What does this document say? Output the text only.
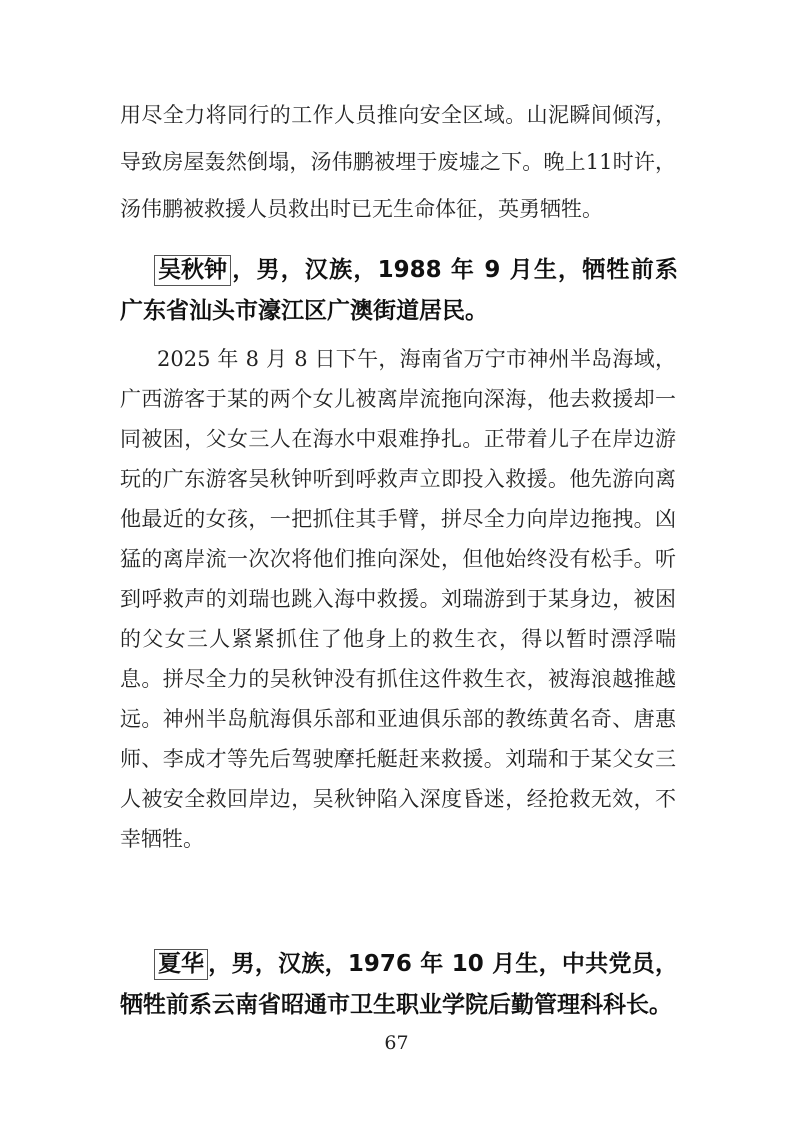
用尽全力将同行的工作人员推向安全区域。山泥瞬间倾泻，导致房屋轰然倒塌，汤伟鹏被埋于废墟之下。晚上11时许，汤伟鹏被救援人员救出时已无生命体征，英勇牺牲。

吴秋钟 ，男，汉族，1988 年 9 月生，牺牲前系广东省汕头市濠江区广澳街道居民。

2025 年 8 月 8 日下午，海南省万宁市神州半岛海域，广西游客于某的两个女儿被离岸流拖向深海，他去救援却一同被困，父女三人在海水中艰难挣扎。正带着儿子在岸边游玩的广东游客吴秋钟听到呼救声立即投入救援。他先游向离他最近的女孩，一把抓住其手臂，拼尽全力向岸边拖拽。凶猛的离岸流一次次将他们推向深处，但他始终没有松手。听到呼救声的刘瑞也跳入海中救援。刘瑞游到于某身边，被困的父女三人紧紧抓住了他身上的救生衣，得以暂时漂浮喘息。拼尽全力的吴秋钟没有抓住这件救生衣，被海浪越推越远。神州半岛航海俱乐部和亚迪俱乐部的教练黄名奇、唐惠师、李成才等先后驾驶摩托艇赶来救援。刘瑞和于某父女三人被安全救回岸边，吴秋钟陷入深度昏迷，经抢救无效，不幸牺牲。

夏华 ，男，汉族，1976 年 10 月生，中共党员，牺牲前系云南省昭通市卫生职业学院后勤管理科科长。

67
